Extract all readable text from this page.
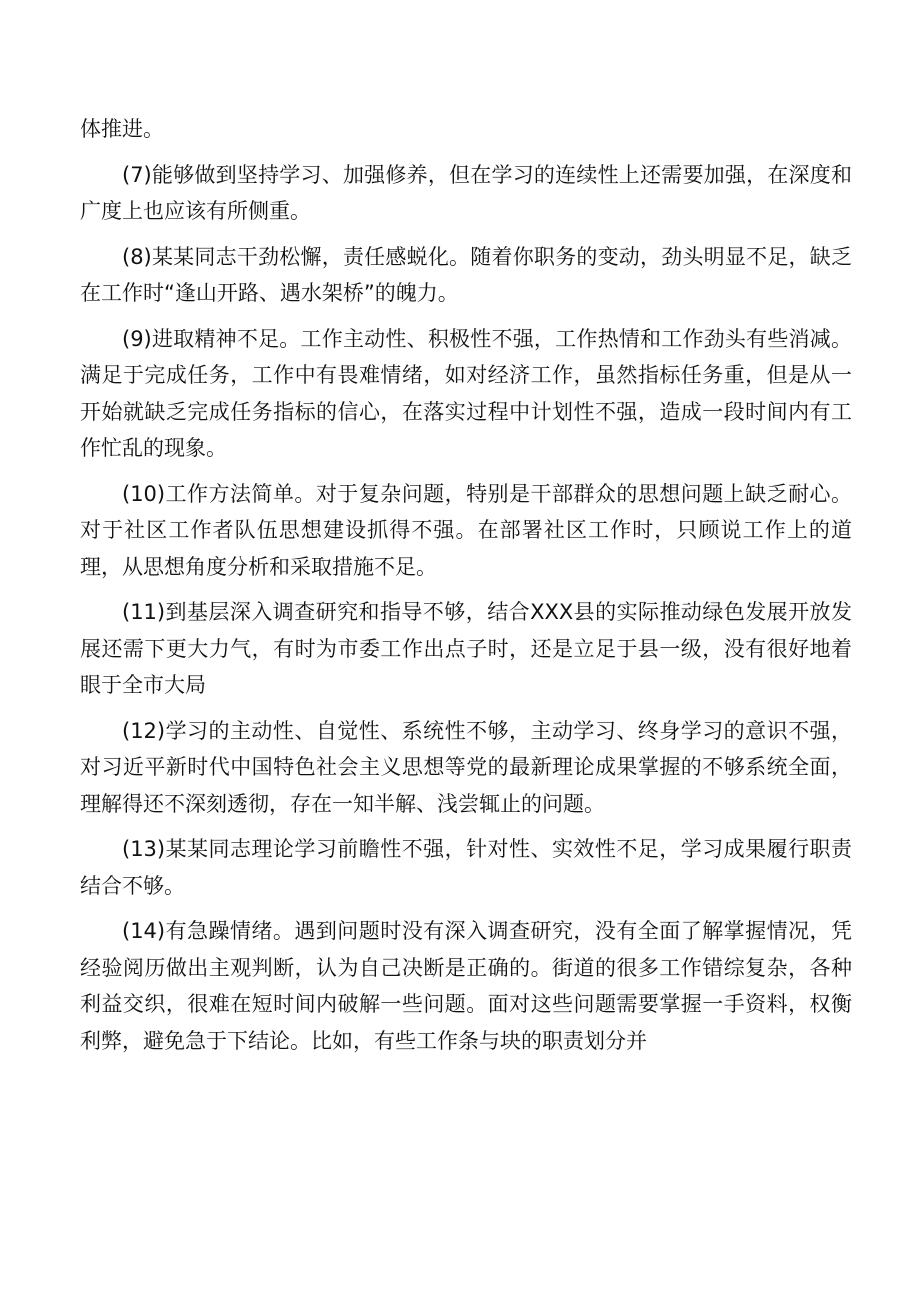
体推进。

(7)能够做到坚持学习、加强修养，但在学习的连续性上还需要加强，在深度和广度上也应该有所侧重。

(8)某某同志干劲松懈，责任感蜕化。随着你职务的变动，劲头明显不足，缺乏在工作时“逢山开路、遇水架桥”的魄力。

(9)进取精神不足。工作主动性、积极性不强，工作热情和工作劲头有些消减。满足于完成任务，工作中有畏难情绪，如对经济工作，虽然指标任务重，但是从一开始就缺乏完成任务指标的信心，在落实过程中计划性不强，造成一段时间内有工作忙乱的现象。

(10)工作方法简单。对于复杂问题，特别是干部群众的思想问题上缺乏耐心。对于社区工作者队伍思想建设抓得不强。在部署社区工作时，只顾说工作上的道理，从思想角度分析和采取措施不足。

(11)到基层深入调查研究和指导不够，结合XXX县的实际推动绿色发展开放发展还需下更大力气，有时为市委工作出点子时，还是立足于县一级，没有很好地着眼于全市大局

(12)学习的主动性、自觉性、系统性不够，主动学习、终身学习的意识不强，对习近平新时代中国特色社会主义思想等党的最新理论成果掌握的不够系统全面，理解得还不深刻透彻，存在一知半解、浅尝辄止的问题。

(13)某某同志理论学习前瞻性不强，针对性、实效性不足，学习成果履行职责结合不够。

(14)有急躁情绪。遇到问题时没有深入调查研究，没有全面了解掌握情况，凭经验阅历做出主观判断，认为自己决断是正确的。街道的很多工作错综复杂，各种利益交织，很难在短时间内破解一些问题。面对这些问题需要掌握一手资料，权衡利弊，避免急于下结论。比如，有些工作条与块的职责划分并
